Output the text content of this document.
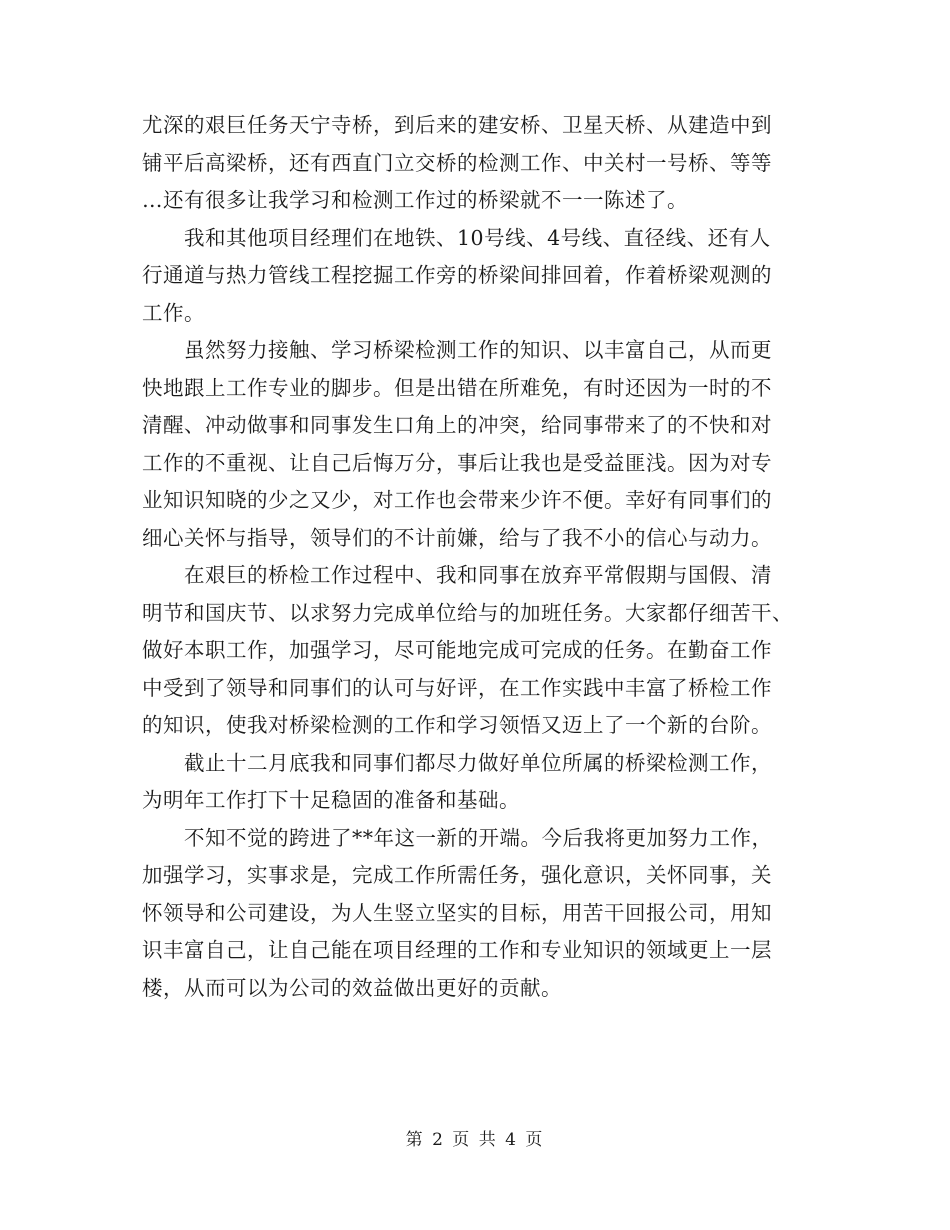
尤深的艰巨任务天宁寺桥，到后来的建安桥、卫星天桥、从建造中到
铺平后高梁桥，还有西直门立交桥的检测工作、中关村一号桥、等等
…还有很多让我学习和检测工作过的桥梁就不一一陈述了。
我和其他项目经理们在地铁、10号线、4号线、直径线、还有人
行通道与热力管线工程挖掘工作旁的桥梁间排回着，作着桥梁观测的
工作。
虽然努力接触、学习桥梁检测工作的知识、以丰富自己，从而更
快地跟上工作专业的脚步。但是出错在所难免，有时还因为一时的不
清醒、冲动做事和同事发生口角上的冲突，给同事带来了的不快和对
工作的不重视、让自己后悔万分，事后让我也是受益匪浅。因为对专
业知识知晓的少之又少，对工作也会带来少许不便。幸好有同事们的
细心关怀与指导，领导们的不计前嫌，给与了我不小的信心与动力。
在艰巨的桥检工作过程中、我和同事在放弃平常假期与国假、清
明节和国庆节、以求努力完成单位给与的加班任务。大家都仔细苦干、
做好本职工作，加强学习，尽可能地完成可完成的任务。在勤奋工作
中受到了领导和同事们的认可与好评，在工作实践中丰富了桥检工作
的知识，使我对桥梁检测的工作和学习领悟又迈上了一个新的台阶。
截止十二月底我和同事们都尽力做好单位所属的桥梁检测工作，
为明年工作打下十足稳固的准备和基础。
不知不觉的跨进了**年这一新的开端。今后我将更加努力工作，
加强学习，实事求是，完成工作所需任务，强化意识，关怀同事，关
怀领导和公司建设，为人生竖立坚实的目标，用苦干回报公司，用知
识丰富自己，让自己能在项目经理的工作和专业知识的领域更上一层
楼，从而可以为公司的效益做出更好的贡献。
第 2 页 共 4 页
